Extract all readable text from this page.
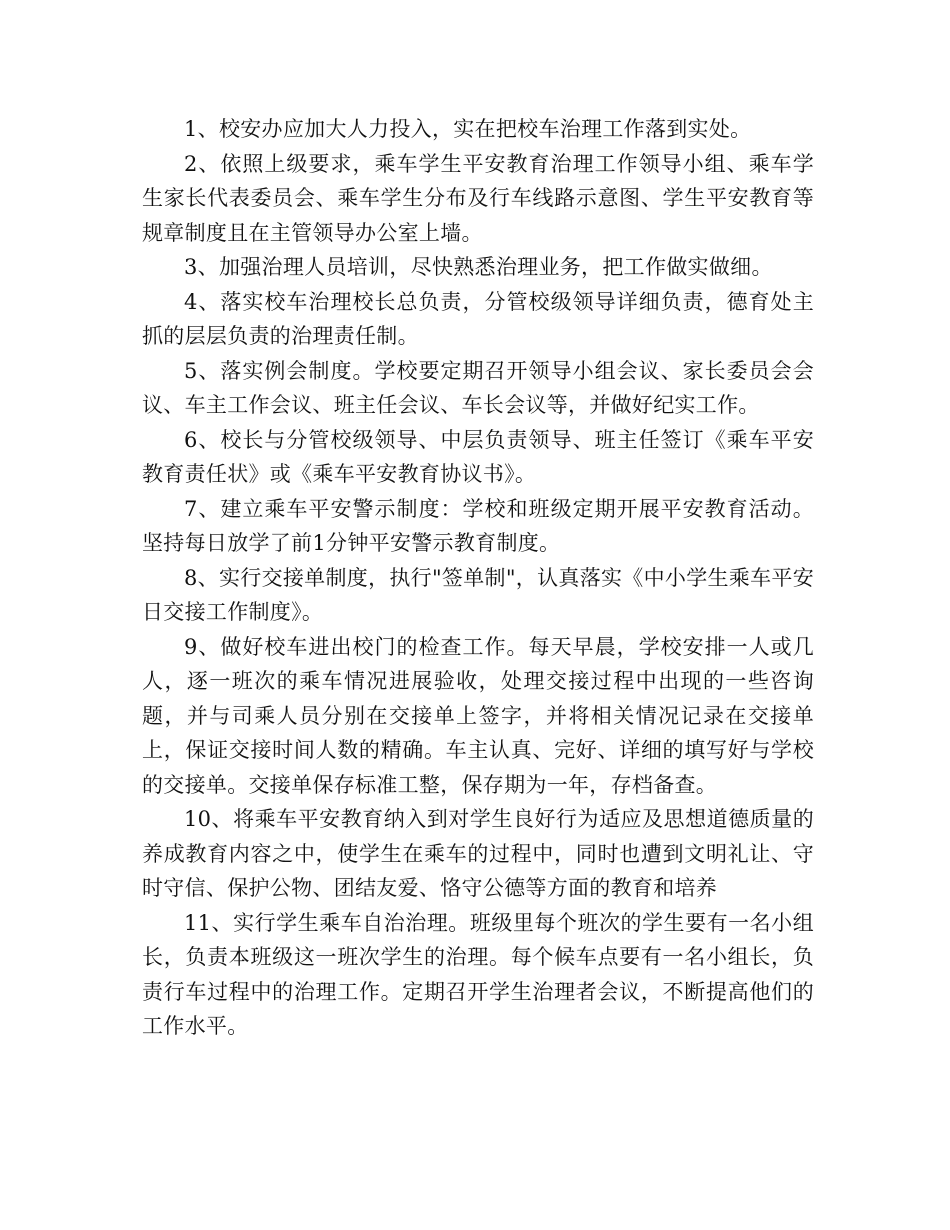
1、校安办应加大人力投入，实在把校车治理工作落到实处。

2、依照上级要求，乘车学生平安教育治理工作领导小组、乘车学生家长代表委员会、乘车学生分布及行车线路示意图、学生平安教育等规章制度且在主管领导办公室上墙。

3、加强治理人员培训，尽快熟悉治理业务，把工作做实做细。

4、落实校车治理校长总负责，分管校级领导详细负责，德育处主抓的层层负责的治理责任制。

5、落实例会制度。学校要定期召开领导小组会议、家长委员会会议、车主工作会议、班主任会议、车长会议等，并做好纪实工作。

6、校长与分管校级领导、中层负责领导、班主任签订《乘车平安教育责任状》或《乘车平安教育协议书》。

7、建立乘车平安警示制度：学校和班级定期开展平安教育活动。坚持每日放学了前1分钟平安警示教育制度。

8、实行交接单制度，执行"签单制"，认真落实《中小学生乘车平安日交接工作制度》。

9、做好校车进出校门的检查工作。每天早晨，学校安排一人或几人，逐一班次的乘车情况进展验收，处理交接过程中出现的一些咨询题，并与司乘人员分别在交接单上签字，并将相关情况记录在交接单上，保证交接时间人数的精确。车主认真、完好、详细的填写好与学校的交接单。交接单保存标准工整，保存期为一年，存档备查。

10、将乘车平安教育纳入到对学生良好行为适应及思想道德质量的养成教育内容之中，使学生在乘车的过程中，同时也遭到文明礼让、守时守信、保护公物、团结友爱、恪守公德等方面的教育和培养

11、实行学生乘车自治治理。班级里每个班次的学生要有一名小组长，负责本班级这一班次学生的治理。每个候车点要有一名小组长，负责行车过程中的治理工作。定期召开学生治理者会议，不断提高他们的工作水平。
